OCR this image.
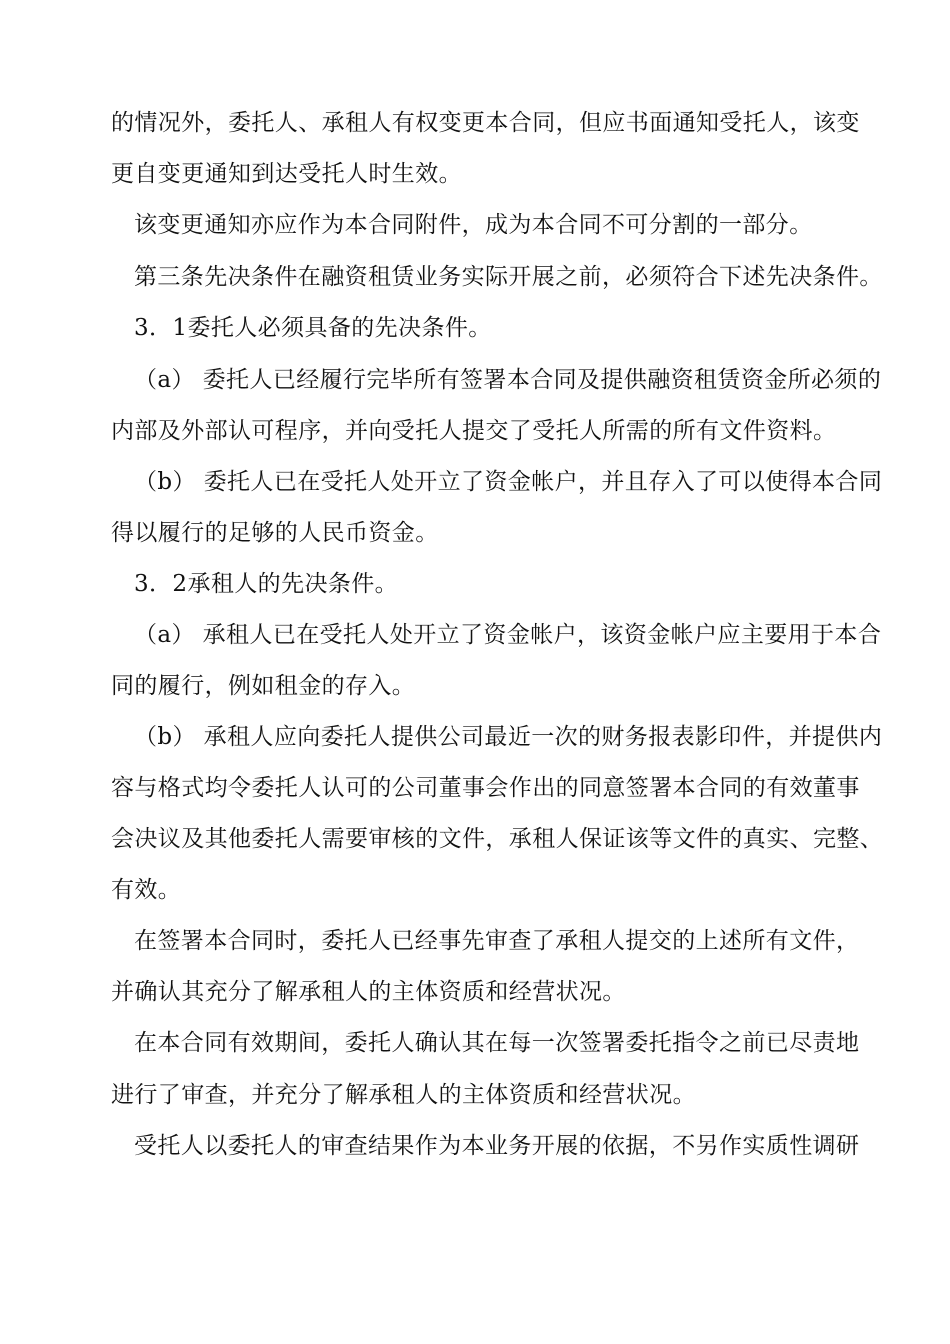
的情况外，委托人、承租人有权变更本合同，但应书面通知受托人，该变
更自变更通知到达受托人时生效。
该变更通知亦应作为本合同附件，成为本合同不可分割的一部分。
第三条先决条件在融资租赁业务实际开展之前，必须符合下述先决条件。
3．1委托人必须具备的先决条件。
（a） 委托人已经履行完毕所有签署本合同及提供融资租赁资金所必须的
内部及外部认可程序，并向受托人提交了受托人所需的所有文件资料。
（b） 委托人已在受托人处开立了资金帐户，并且存入了可以使得本合同
得以履行的足够的人民币资金。
3．2承租人的先决条件。
（a） 承租人已在受托人处开立了资金帐户，该资金帐户应主要用于本合
同的履行，例如租金的存入。
（b） 承租人应向委托人提供公司最近一次的财务报表影印件，并提供内
容与格式均令委托人认可的公司董事会作出的同意签署本合同的有效董事
会决议及其他委托人需要审核的文件，承租人保证该等文件的真实、完整、
有效。
在签署本合同时，委托人已经事先审查了承租人提交的上述所有文件，
并确认其充分了解承租人的主体资质和经营状况。
在本合同有效期间，委托人确认其在每一次签署委托指令之前已尽责地
进行了审查，并充分了解承租人的主体资质和经营状况。
受托人以委托人的审查结果作为本业务开展的依据，不另作实质性调研
